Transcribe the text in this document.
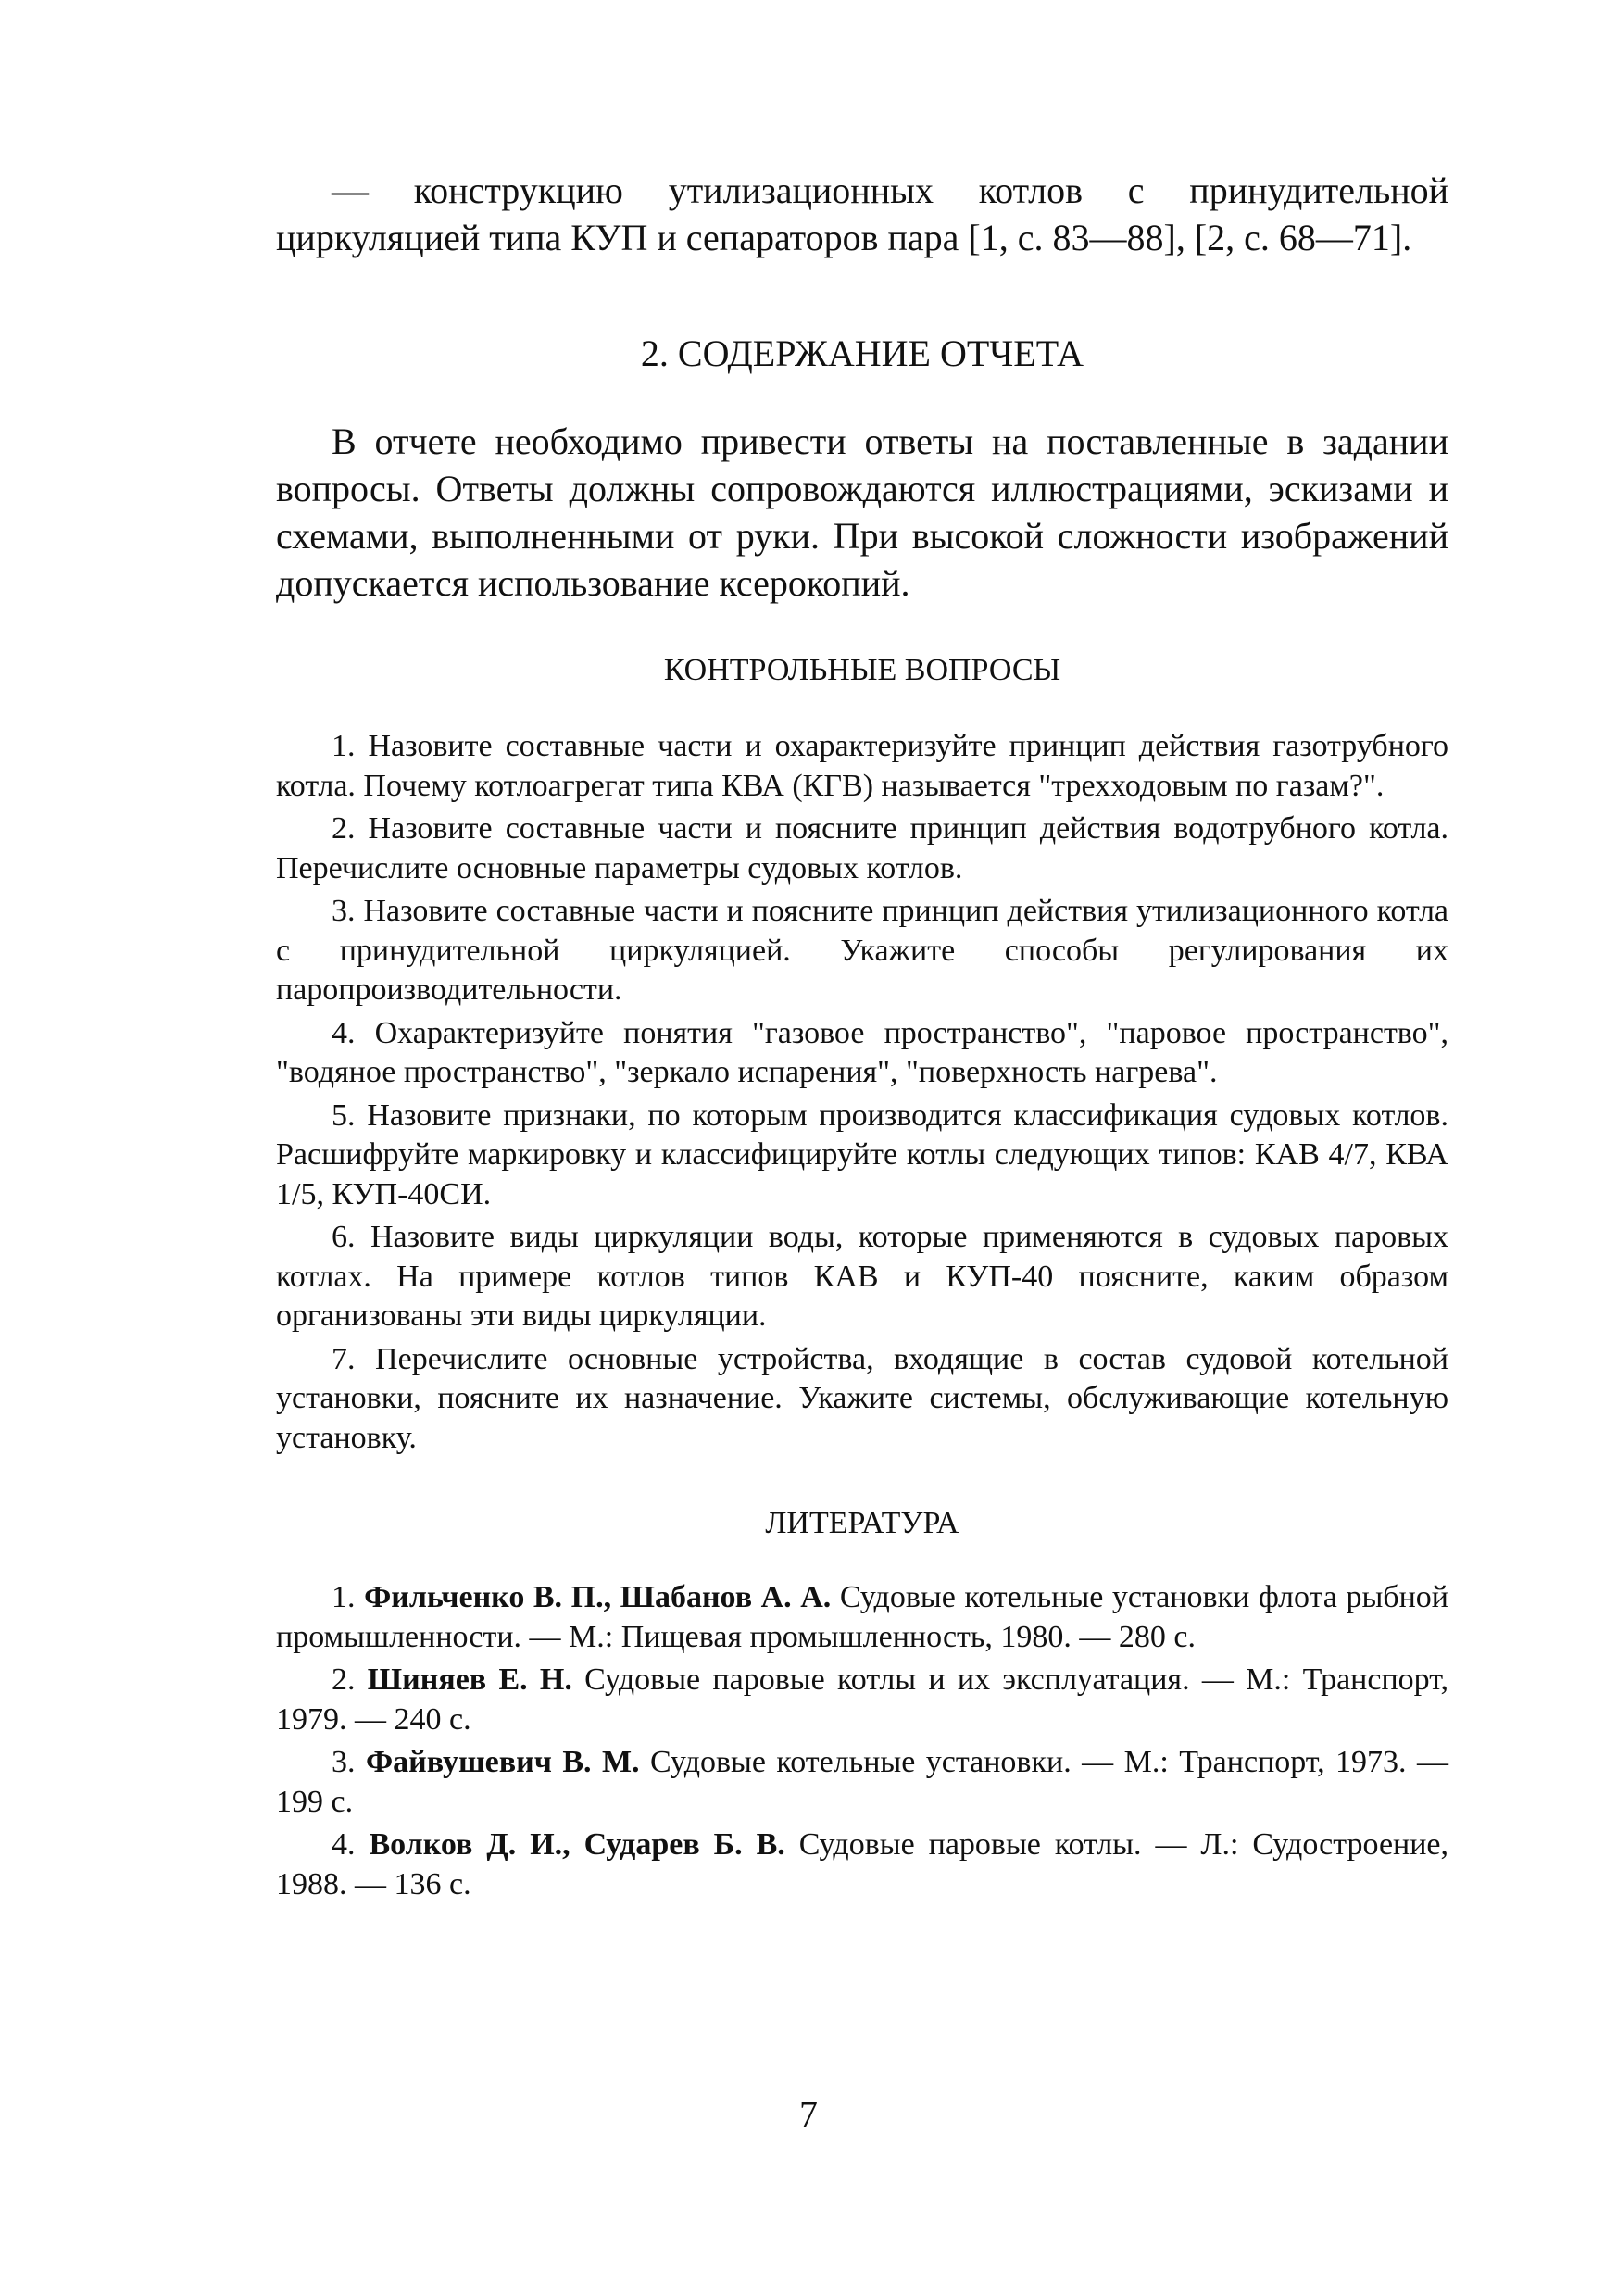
— конструкцию утилизационных котлов с принудительной циркуляцией типа КУП и сепараторов пара [1, с. 83—88], [2, с. 68—71].

2. СОДЕРЖАНИЕ ОТЧЕТА

В отчете необходимо привести ответы на поставленные в задании вопросы. Ответы должны сопровождаются иллюстрациями, эскизами и схемами, выполненными от руки. При высокой сложности изображений допускается использование ксерокопий.

КОНТРОЛЬНЫЕ ВОПРОСЫ

1. Назовите составные части и охарактеризуйте принцип действия газотрубного котла. Почему котлоагрегат типа КВА (КГВ) называется "трехходовым по газам?".

2. Назовите составные части и поясните принцип действия водотрубного котла. Перечислите основные параметры судовых котлов.

3. Назовите составные части и поясните принцип действия утилизационного котла с принудительной циркуляцией. Укажите способы регулирования их паропроизводительности.

4. Охарактеризуйте понятия "газовое пространство", "паровое пространство", "водяное пространство", "зеркало испарения", "поверхность нагрева".

5. Назовите признаки, по которым производится классификация судовых котлов. Расшифруйте маркировку и классифицируйте котлы следующих типов: КАВ 4/7, КВА 1/5, КУП-40СИ.

6. Назовите виды циркуляции воды, которые применяются в судовых паровых котлах. На примере котлов типов КАВ и КУП-40 поясните, каким образом организованы эти виды циркуляции.

7. Перечислите основные устройства, входящие в состав судовой котельной установки, поясните их назначение. Укажите системы, обслуживающие котельную установку.

ЛИТЕРАТУРА

1. Фильченко В. П., Шабанов А. А. Судовые котельные установки флота рыбной промышленности. — М.: Пищевая промышленность, 1980. — 280 с.

2. Шиняев Е. Н. Судовые паровые котлы и их эксплуатация. — М.: Транспорт, 1979. — 240 с.

3. Файвушевич В. М. Судовые котельные установки. — М.: Транспорт, 1973. — 199 с.

4. Волков Д. И., Сударев Б. В. Судовые паровые котлы. — Л.: Судостроение, 1988. — 136 с.

7
